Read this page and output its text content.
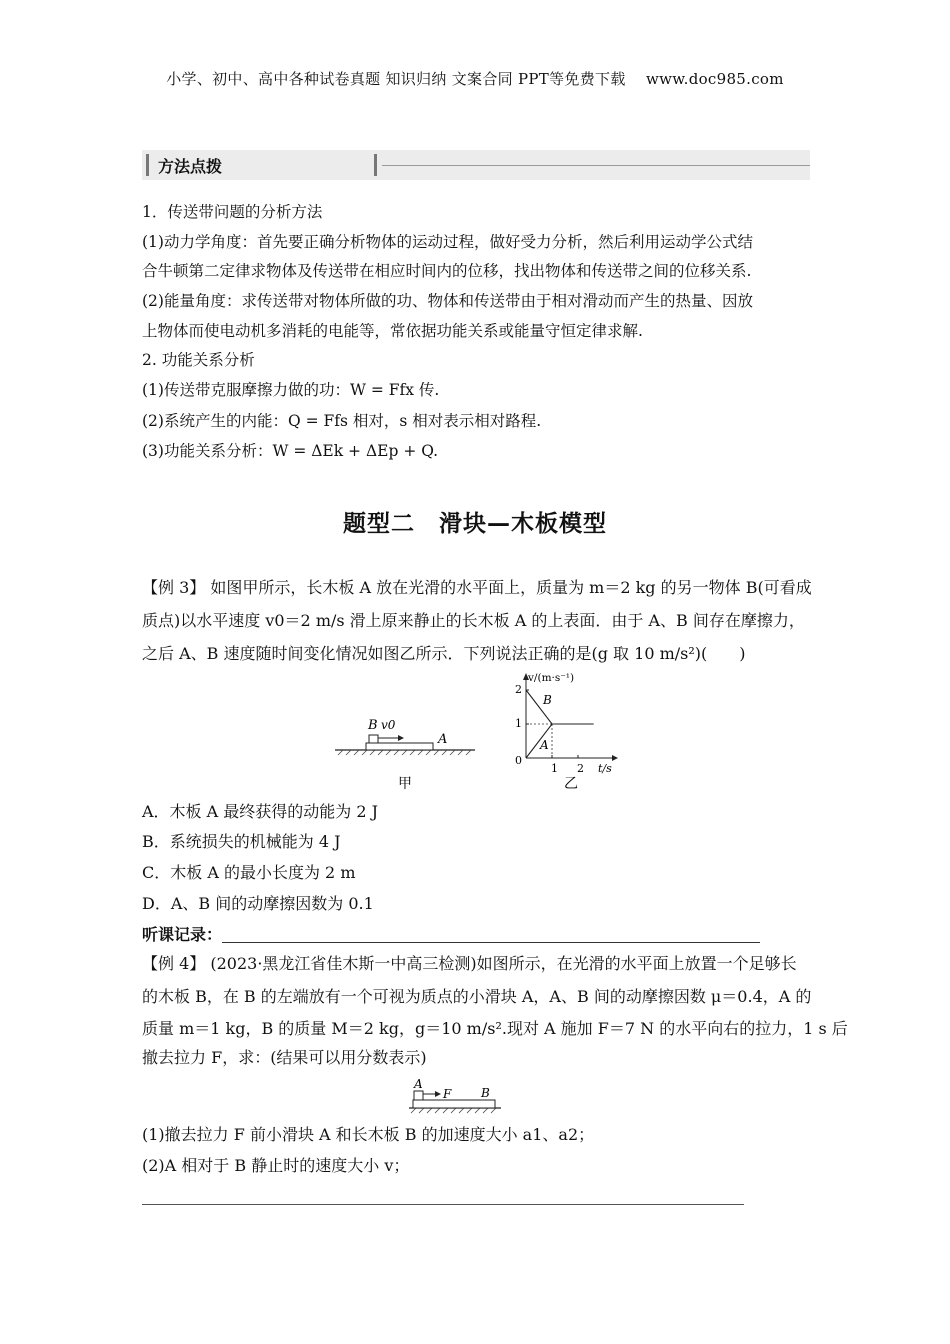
小学、初中、高中各种试卷真题 知识归纳 文案合同 PPT等免费下载　 www.doc985.com
方法点拨
1．传送带问题的分析方法
(1)动力学角度：首先要正确分析物体的运动过程，做好受力分析，然后利用运动学公式结
合牛顿第二定律求物体及传送带在相应时间内的位移，找出物体和传送带之间的位移关系.
(2)能量角度：求传送带对物体所做的功、物体和传送带由于相对滑动而产生的热量、因放
上物体而使电动机多消耗的电能等，常依据功能关系或能量守恒定律求解.
2. 功能关系分析
(1)传送带克服摩擦力做的功：W = Ffx 传.
(2)系统产生的内能：Q = Ffs 相对，s 相对表示相对路程.
(3)功能关系分析：W = ΔEk + ΔEp + Q.
题型二　滑块—木板模型
【例 3】 如图甲所示，长木板 A 放在光滑的水平面上，质量为 m＝2 kg 的另一物体 B(可看成
质点)以水平速度 v0＝2 m/s 滑上原来静止的长木板 A 的上表面．由于 A、B 间存在摩擦力，
之后 A、B 速度随时间变化情况如图乙所示．下列说法正确的是(g 取 10 m/s²)(　　)
B v0
A
甲
v/(m·s⁻¹)
t/s
2
1
0
1 2
B
A
乙
A．木板 A 最终获得的动能为 2 J
B．系统损失的机械能为 4 J
C．木板 A 的最小长度为 2 m
D．A、B 间的动摩擦因数为 0.1
听课记录：
【例 4】 (2023·黑龙江省佳木斯一中高三检测)如图所示，在光滑的水平面上放置一个足够长
的木板 B，在 B 的左端放有一个可视为质点的小滑块 A，A、B 间的动摩擦因数 μ＝0.4，A 的
质量 m＝1 kg，B 的质量 M＝2 kg，g＝10 m/s².现对 A 施加 F＝7 N 的水平向右的拉力，1 s 后
撤去拉力 F，求：(结果可以用分数表示)
A
F B
(1)撤去拉力 F 前小滑块 A 和长木板 B 的加速度大小 a1、a2；
(2)A 相对于 B 静止时的速度大小 v；
